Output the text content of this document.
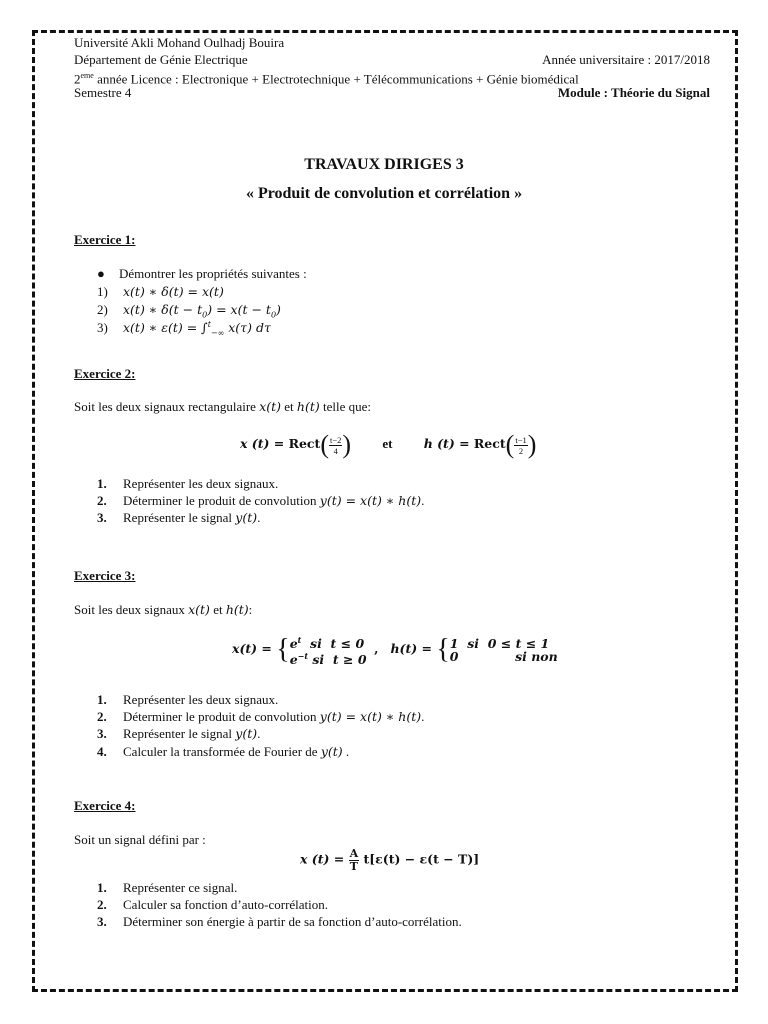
Université Akli Mohand Oulhadj Bouira
Département de Génie Electrique	Année universitaire : 2017/2018
2eme année Licence : Electronique + Electrotechnique + Télécommunications + Génie biomédical
Semestre 4	Module : Théorie du Signal
TRAVAUX DIRIGES 3
« Produit de convolution et corrélation »
Exercice 1:
● Démontrer les propriétés suivantes :
1) x(t) ∗ δ(t) = x(t)
2) x(t) ∗ $\delta(t - t_0) = x(t - t_0)$
3) x(t) ∗ ε(t) = ∫$^t_{-\infty}$ x(τ) dτ
Exercice 2:
Soit les deux signaux rectangulaire x(t) et h(t) telle que:
x (t) = Rect( $\frac{t-2}{4}$ ) et	h (t) = Rect( $\frac{t-1}{2}$ )
1. Représenter les deux signaux.
2. Déterminer le produit de convolution y(t) = x(t) ∗ h(t).
3. Représenter le signal y(t).
Exercice 3:
Soit les deux signaux x(t) et h(t):
x(t) = { $e^t$  si  t ≤ 0
$e^{-t}$ si  t ≥ 0
,   h(t) = { 1  si  0 ≤ t ≤ 1
0             si non
1. Représenter les deux signaux.
2. Déterminer le produit de convolution y(t) = x(t) ∗ h(t).
3. Représenter le signal y(t).
4. Calculer la transformée de Fourier de y(t) .
Exercice 4:
Soit un signal défini par :
x $(t) = \frac{A}{T} t[\varepsilon(t) - \varepsilon(t - T)]$
1. Représenter ce signal.
2. Calculer sa fonction d’auto-corrélation.
3. Déterminer son énergie à partir de sa fonction d’auto-corrélation.
